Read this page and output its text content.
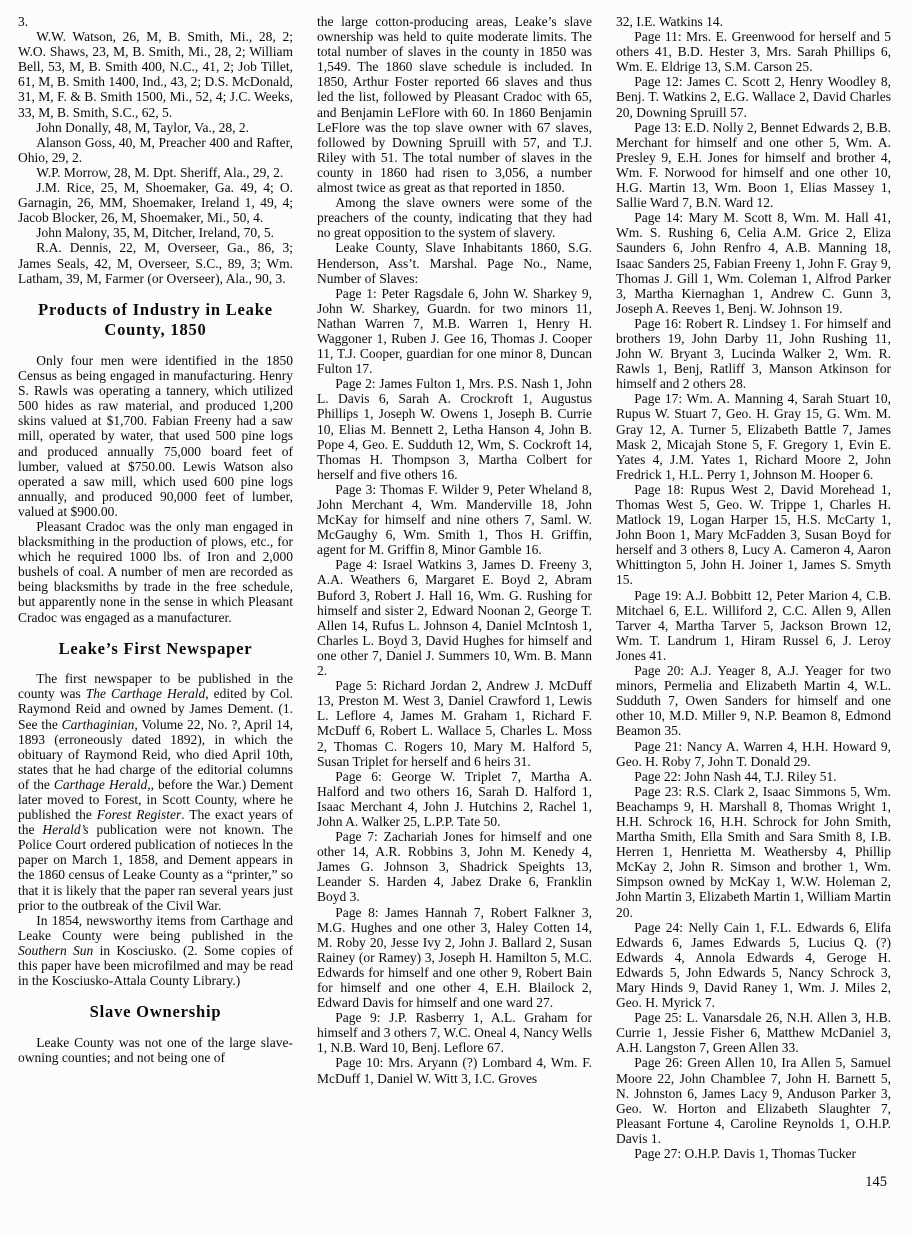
3.

W.W. Watson, 26, M, B. Smith, Mi., 28, 2; W.O. Shaws, 23, M, B. Smith, Mi., 28, 2; William Bell, 53, M, B. Smith 400, N.C., 41, 2; Job Tillet, 61, M, B. Smith 1400, Ind., 43, 2; D.S. McDonald, 31, M, F. & B. Smith 1500, Mi., 52, 4; J.C. Weeks, 33, M, B. Smith, S.C., 62, 5.

John Donally, 48, M, Taylor, Va., 28, 2.

Alanson Goss, 40, M, Preacher 400 and Rafter, Ohio, 29, 2.

W.P. Morrow, 28, M. Dpt. Sheriff, Ala., 29, 2.

J.M. Rice, 25, M, Shoemaker, Ga. 49, 4; O. Garnagin, 26, MM, Shoemaker, Ireland 1, 49, 4; Jacob Blocker, 26, M, Shoemaker, Mi., 50, 4.

John Malony, 35, M, Ditcher, Ireland, 70, 5.

R.A. Dennis, 22, M, Overseer, Ga., 86, 3; James Seals, 42, M, Overseer, S.C., 89, 3; Wm. Latham, 39, M, Farmer (or Overseer), Ala., 90, 3.

Products of Industry in Leake County, 1850

Only four men were identified in the 1850 Census as being engaged in manufacturing. Henry S. Rawls was operating a tannery, which utilized 500 hides as raw material, and produced 1,200 skins valued at $1,700. Fabian Freeny had a saw mill, operated by water, that used 500 pine logs and produced annually 75,000 board feet of lumber, valued at $750.00. Lewis Watson also operated a saw mill, which used 600 pine logs annually, and produced 90,000 feet of lumber, valued at $900.00.

Pleasant Cradoc was the only man engaged in blacksmithing in the production of plows, etc., for which he required 1000 lbs. of Iron and 2,000 bushels of coal. A number of men are recorded as being blacksmiths by trade in the free schedule, but apparently none in the sense in which Pleasant Cradoc was engaged as a manufacturer.

Leake’s First Newspaper

The first newspaper to be published in the county was The Carthage Herald, edited by Col. Raymond Reid and owned by James Dement. (1. See the Carthaginian, Volume 22, No. ?, April 14, 1893 (erroneously dated 1892), in which the obituary of Raymond Reid, who died April 10th, states that he had charge of the editorial columns of the Carthage Herald,, before the War.) Dement later moved to Forest, in Scott County, where he published the Forest Register. The exact years of the Herald’s publication were not known. The Police Court ordered publication of notieces ln the paper on March 1, 1858, and Dement appears in the 1860 census of Leake County as a “printer,” so that it is likely that the paper ran several years just prior to the outbreak of the Civil War.

In 1854, newsworthy items from Carthage and Leake County were being published in the Southern Sun in Kosciusko. (2. Some copies of this paper have been microfilmed and may be read in the Kosciusko-Attala County Library.)

Slave Ownership

Leake County was not one of the large slave-owning counties; and not being one of

the large cotton-producing areas, Leake’s slave ownership was held to quite moderate limits. The total number of slaves in the county in 1850 was 1,549. The 1860 slave schedule is included. In 1850, Arthur Foster reported 66 slaves and thus led the list, followed by Pleasant Cradoc with 65, and Benjamin LeFlore with 60. In 1860 Benjamin LeFlore was the top slave owner with 67 slaves, followed by Downing Spruill with 57, and T.J. Riley with 51. The total number of slaves in the county in 1860 had risen to 3,056, a number almost twice as great as that reported in 1850.

Among the slave owners were some of the preachers of the county, indicating that they had no great opposition to the system of slavery.

Leake County, Slave Inhabitants 1860, S.G. Henderson, Ass’t. Marshal. Page No., Name, Number of Slaves:

Page 1: Peter Ragsdale 6, John W. Sharkey 9, John W. Sharkey, Guardn. for two minors 11, Nathan Warren 7, M.B. Warren 1, Henry H. Waggoner 1, Ruben J. Gee 16, Thomas J. Cooper 11, T.J. Cooper, guardian for one minor 8, Duncan Fulton 17.

Page 2: James Fulton 1, Mrs. P.S. Nash 1, John L. Davis 6, Sarah A. Crockroft 1, Augustus Phillips 1, Joseph W. Owens 1, Joseph B. Currie 10, Elias M. Bennett 2, Letha Hanson 4, John B. Pope 4, Geo. E. Sudduth 12, Wm, S. Cockroft 14, Thomas H. Thompson 3, Martha Colbert for herself and five others 16.

Page 3: Thomas F. Wilder 9, Peter Wheland 8, John Merchant 4, Wm. Manderville 18, John McKay for himself and nine others 7, Saml. W. McGaughy 6, Wm. Smith 1, Thos H. Griffin, agent for M. Griffin 8, Minor Gamble 16.

Page 4: Israel Watkins 3, James D. Freeny 3, A.A. Weathers 6, Margaret E. Boyd 2, Abram Buford 3, Robert J. Hall 16, Wm. G. Rushing for himself and sister 2, Edward Noonan 2, George T. Allen 14, Rufus L. Johnson 4, Daniel McIntosh 1, Charles L. Boyd 3, David Hughes for himself and one other 7, Daniel J. Summers 10, Wm. B. Mann 2.

Page 5: Richard Jordan 2, Andrew J. McDuff 13, Preston M. West 3, Daniel Crawford 1, Lewis L. Leflore 4, James M. Graham 1, Richard F. McDuff 6, Robert L. Wallace 5, Charles L. Moss 2, Thomas C. Rogers 10, Mary M. Halford 5, Susan Triplet for herself and 6 heirs 31.

Page 6: George W. Triplet 7, Martha A. Halford and two others 16, Sarah D. Halford 1, Isaac Merchant 4, John J. Hutchins 2, Rachel 1, John A. Walker 25, L.P.P. Tate 50.

Page 7: Zachariah Jones for himself and one other 14, A.R. Robbins 3, John M. Kenedy 4, James G. Johnson 3, Shadrick Speights 13, Leander S. Harden 4, Jabez Drake 6, Franklin Boyd 3.

Page 8: James Hannah 7, Robert Falkner 3, M.G. Hughes and one other 3, Haley Cotten 14, M. Roby 20, Jesse Ivy 2, John J. Ballard 2, Susan Rainey (or Ramey) 3, Joseph H. Hamilton 5, M.C. Edwards for himself and one other 9, Robert Bain for himself and one other 4, E.H. Blailock 2, Edward Davis for himself and one ward 27.

Page 9: J.P. Rasberry 1, A.L. Graham for himself and 3 others 7, W.C. Oneal 4, Nancy Wells 1, N.B. Ward 10, Benj. Leflore 67.

Page 10: Mrs. Aryann (?) Lombard 4, Wm. F. McDuff 1, Daniel W. Witt 3, I.C. Groves

32, I.E. Watkins 14.

Page 11: Mrs. E. Greenwood for herself and 5 others 41, B.D. Hester 3, Mrs. Sarah Phillips 6, Wm. E. Eldrige 13, S.M. Carson 25.

Page 12: James C. Scott 2, Henry Woodley 8, Benj. T. Watkins 2, E.G. Wallace 2, David Charles 20, Downing Spruill 57.

Page 13: E.D. Nolly 2, Bennet Edwards 2, B.B. Merchant for himself and one other 5, Wm. A. Presley 9, E.H. Jones for himself and brother 4, Wm. F. Norwood for himself and one other 10, H.G. Martin 13, Wm. Boon 1, Elias Massey 1, Sallie Ward 7, B.N. Ward 12.

Page 14: Mary M. Scott 8, Wm. M. Hall 41, Wm. S. Rushing 6, Celia A.M. Grice 2, Eliza Saunders 6, John Renfro 4, A.B. Manning 18, Isaac Sanders 25, Fabian Freeny 1, John F. Gray 9, Thomas J. Gill 1, Wm. Coleman 1, Alfrod Parker 3, Martha Kiernaghan 1, Andrew C. Gunn 3, Joseph A. Reeves 1, Benj. W. Johnson 19.

Page 16: Robert R. Lindsey 1. For himself and brothers 19, John Darby 11, John Rushing 11, John W. Bryant 3, Lucinda Walker 2, Wm. R. Rawls 1, Benj, Ratliff 3, Manson Atkinson for himself and 2 others 28.

Page 17: Wm. A. Manning 4, Sarah Stuart 10, Rupus W. Stuart 7, Geo. H. Gray 15, G. Wm. M. Gray 12, A. Turner 5, Elizabeth Battle 7, James Mask 2, Micajah Stone 5, F. Gregory 1, Evin E. Yates 4, J.M. Yates 1, Richard Moore 2, John Fredrick 1, H.L. Perry 1, Johnson M. Hooper 6.

Page 18: Rupus West 2, David Morehead 1, Thomas West 5, Geo. W. Trippe 1, Charles H. Matlock 19, Logan Harper 15, H.S. McCarty 1, John Boon 1, Mary McFadden 3, Susan Boyd for herself and 3 others 8, Lucy A. Cameron 4, Aaron Whittington 5, John H. Joiner 1, James S. Smyth 15.

Page 19: A.J. Bobbitt 12, Peter Marion 4, C.B. Mitchael 6, E.L. Williford 2, C.C. Allen 9, Allen Tarver 4, Martha Tarver 5, Jackson Brown 12, Wm. T. Landrum 1, Hiram Russel 6, J. Leroy Jones 41.

Page 20: A.J. Yeager 8, A.J. Yeager for two minors, Permelia and Elizabeth Martin 4, W.L. Sudduth 7, Owen Sanders for himself and one other 10, M.D. Miller 9, N.P. Beamon 8, Edmond Beamon 35.

Page 21: Nancy A. Warren 4, H.H. Howard 9, Geo. H. Roby 7, John T. Donald 29.

Page 22: John Nash 44, T.J. Riley 51.

Page 23: R.S. Clark 2, Isaac Simmons 5, Wm. Beachamps 9, H. Marshall 8, Thomas Wright 1, H.H. Schrock 16, H.H. Schrock for John Smith, Martha Smith, Ella Smith and Sara Smith 8, I.B. Herren 1, Henrietta M. Weathersby 4, Phillip McKay 2, John R. Simson and brother 1, Wm. Simpson owned by McKay 1, W.W. Holeman 2, John Martin 3, Elizabeth Martin 1, William Martin 20.

Page 24: Nelly Cain 1, F.L. Edwards 6, Elifa Edwards 6, James Edwards 5, Lucius Q. (?) Edwards 4, Annola Edwards 4, Geroge H. Edwards 5, John Edwards 5, Nancy Schrock 3, Mary Hinds 9, David Raney 1, Wm. J. Miles 2, Geo. H. Myrick 7.

Page 25: L. Vanarsdale 26, N.H. Allen 3, H.B. Currie 1, Jessie Fisher 6, Matthew McDaniel 3, A.H. Langston 7, Green Allen 33.

Page 26: Green Allen 10, Ira Allen 5, Samuel Moore 22, John Chamblee 7, John H. Barnett 5, N. Johnston 6, James Lacy 9, Anduson Parker 3, Geo. W. Horton and Elizabeth Slaughter 7, Pleasant Fortune 4, Caroline Reynolds 1, O.H.P. Davis 1.

Page 27: O.H.P. Davis 1, Thomas Tucker

145
